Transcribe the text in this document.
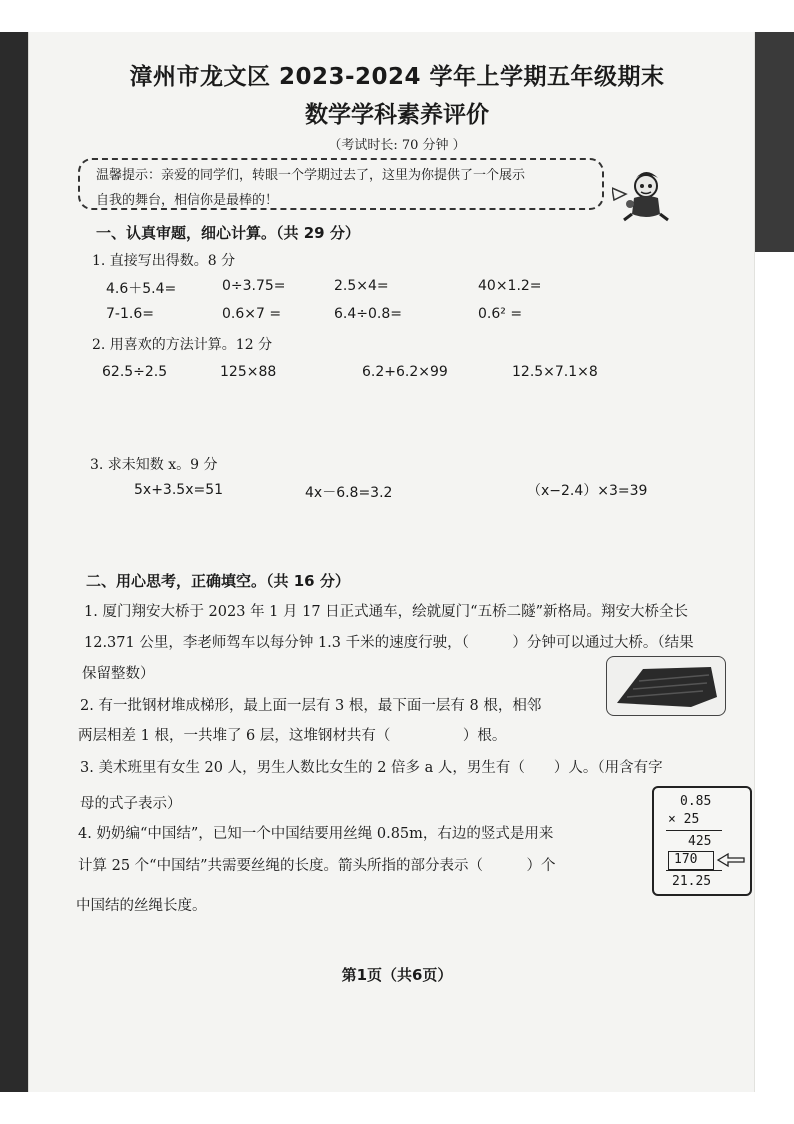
漳州市龙文区 2023-2024 学年上学期五年级期末
数学学科素养评价
（考试时长: 70 分钟 ）
温馨提示：亲爱的同学们，转眼一个学期过去了，这里为你提供了一个展示
自我的舞台，相信你是最棒的！
一、认真审题，细心计算。（共 29 分）
1. 直接写出得数。8 分
4.6＋5.4=	0÷3.75=	2.5×4=	40×1.2=
7-1.6=	0.6×7 =	6.4÷0.8=	0.6² =
2. 用喜欢的方法计算。12 分
62.5÷2.5	125×88	6.2+6.2×99	12.5×7.1×8
3. 求未知数 x。9 分
5x+3.5x=51	4x－6.8=3.2	（x−2.4）×3=39
二、用心思考，正确填空。（共 16 分）
1. 厦门翔安大桥于 2023 年 1 月 17 日正式通车，绘就厦门“五桥二隧”新格局。翔安大桥全长
12.371 公里，李老师驾车以每分钟 1.3 千米的速度行驶，（　　　）分钟可以通过大桥。（结果
保留整数）
2. 有一批钢材堆成梯形，最上面一层有 3 根，最下面一层有 8 根，相邻
两层相差 1 根，一共堆了 6 层，这堆钢材共有（　　　　　）根。
3. 美术班里有女生 20 人，男生人数比女生的 2 倍多 a 人，男生有（　　）人。（用含有字
母的式子表示）
4. 奶奶编“中国结”，已知一个中国结要用丝绳 0.85m，右边的竖式是用来
计算 25 个“中国结”共需要丝绳的长度。箭头所指的部分表示（　　　）个
中国结的丝绳长度。
0.85
× 25
425
170
21.25
第1页（共6页）
